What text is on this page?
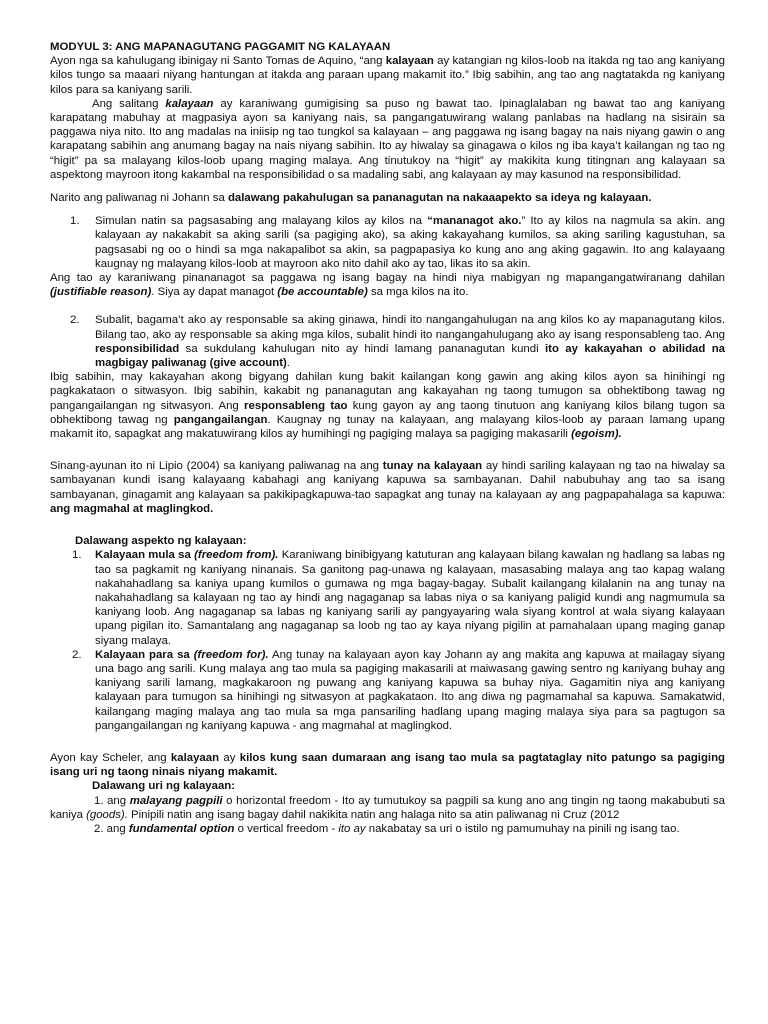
MODYUL 3: ANG MAPANAGUTANG PAGGAMIT NG KALAYAAN

Ayon nga sa kahulugang ibinigay ni Santo Tomas de Aquino, “ang kalayaan ay katangian ng kilos-loob na itakda ng tao ang kaniyang kilos tungo sa maaari niyang hantungan at itakda ang paraan upang makamit ito.” Ibig sabihin, ang tao ang nagtatakda ng kaniyang kilos para sa kaniyang sarili.

Ang salitang kalayaan ay karaniwang gumigising sa puso ng bawat tao. Ipinaglalaban ng bawat tao ang kaniyang karapatang mabuhay at magpasiya ayon sa kaniyang nais, sa pangangatuwirang walang panlabas na hadlang na sisirain sa paggawa niya nito. Ito ang madalas na iniisip ng tao tungkol sa kalayaan – ang paggawa ng isang bagay na nais niyang gawin o ang karapatang sabihin ang anumang bagay na nais niyang sabihin. Ito ay hiwalay sa ginagawa o kilos ng iba kaya’t kailangan ng tao ng “higit” pa sa malayang kilos-loob upang maging malaya. Ang tinutukoy na “higit” ay makikita kung titingnan ang kalayaan sa aspektong mayroon itong kakambal na responsibilidad o sa madaling sabi, ang kalayaan ay may kasunod na responsibilidad.

Narito ang paliwanag ni Johann sa dalawang pakahulugan sa pananagutan na nakaaapekto sa ideya ng kalayaan.

1. Simulan natin sa pagsasabing ang malayang kilos ay kilos na “mananagot ako.” Ito ay kilos na nagmula sa akin. ang kalayaan ay nakakabit sa aking sarili (sa pagiging ako), sa aking kakayahang kumilos, sa aking sariling kagustuhan, sa pagsasabi ng oo o hindi sa mga nakapalibot sa akin, sa pagpapasiya ko kung ano ang aking gagawin. Ito ang kalayaang kaugnay ng malayang kilos-loob at mayroon ako nito dahil ako ay tao, likas ito sa akin.

Ang tao ay karaniwang pinananagot sa paggawa ng isang bagay na hindi niya mabigyan ng mapangangatwiranang dahilan (justifiable reason). Siya ay dapat managot (be accountable) sa mga kilos na ito.

2. Subalit, bagama’t ako ay responsable sa aking ginawa, hindi ito nangangahulugan na ang kilos ko ay mapanagutang kilos. Bilang tao, ako ay responsable sa aking mga kilos, subalit hindi ito nangangahulugang ako ay isang responsableng tao. Ang responsibilidad sa sukdulang kahulugan nito ay hindi lamang pananagutan kundi ito ay kakayahan o abilidad na magbigay paliwanag (give account).

Ibig sabihin, may kakayahan akong bigyang dahilan kung bakit kailangan kong gawin ang aking kilos ayon sa hinihingi ng pagkakataon o sitwasyon. Ibig sabihin, kakabit ng pananagutan ang kakayahan ng taong tumugon sa obhektibong tawag ng pangangailangan ng sitwasyon. Ang responsableng tao kung gayon ay ang taong tinutuon ang kaniyang kilos bilang tugon sa obhektibong tawag ng pangangailangan. Kaugnay ng tunay na kalayaan, ang malayang kilos-loob ay paraan lamang upang makamit ito, sapagkat ang makatuwirang kilos ay humihingi ng pagiging malaya sa pagiging makasarili (egoism).

Sinang-ayunan ito ni Lipio (2004) sa kaniyang paliwanag na ang tunay na kalayaan ay hindi sariling kalayaan ng tao na hiwalay sa sambayanan kundi isang kalayaang kabahagi ang kaniyang kapuwa sa sambayanan. Dahil nabubuhay ang tao sa isang sambayanan, ginagamit ang kalayaan sa pakikipagkapuwa-tao sapagkat ang tunay na kalayaan ay ang pagpapahalaga sa kapuwa: ang magmahal at maglingkod.

Dalawang aspekto ng kalayaan:

1. Kalayaan mula sa (freedom from). Karaniwang binibigyang katuturan ang kalayaan bilang kawalan ng hadlang sa labas ng tao sa pagkamit ng kaniyang ninanais. Sa ganitong pag-unawa ng kalayaan, masasabing malaya ang tao kapag walang nakahahadlang sa kaniya upang kumilos o gumawa ng mga bagay-bagay. Subalit kailangang kilalanin na ang tunay na nakahahadlang sa kalayaan ng tao ay hindi ang nagaganap sa labas niya o sa kaniyang paligid kundi ang nagmumula sa kaniyang loob. Ang nagaganap sa labas ng kaniyang sarili ay pangyayaring wala siyang kontrol at wala siyang kalayaan upang pigilan ito. Samantalang ang nagaganap sa loob ng tao ay kaya niyang pigilin at pamahalaan upang maging ganap siyang malaya.
2. Kalayaan para sa (freedom for). Ang tunay na kalayaan ayon kay Johann ay ang makita ang kapuwa at mailagay siyang una bago ang sarili. Kung malaya ang tao mula sa pagiging makasarili at maiwasang gawing sentro ng kaniyang buhay ang kaniyang sarili lamang, magkakaroon ng puwang ang kaniyang kapuwa sa buhay niya. Gagamitin niya ang kaniyang kalayaan para tumugon sa hinihingi ng sitwasyon at pagkakataon. Ito ang diwa ng pagmamahal sa kapuwa. Samakatwid, kailangang maging malaya ang tao mula sa mga pansariling hadlang upang maging malaya siya para sa pagtugon sa pangangailangan ng kaniyang kapuwa - ang magmahal at maglingkod.

Ayon kay Scheler, ang kalayaan ay kilos kung saan dumaraan ang isang tao mula sa pagtataglay nito patungo sa pagiging isang uri ng taong ninais niyang makamit.

Dalawang uri ng kalayaan:

1. ang malayang pagpili o horizontal freedom - Ito ay tumutukoy sa pagpili sa kung ano ang tingin ng taong makabubuti sa kaniya (goods). Pinipili natin ang isang bagay dahil nakikita natin ang halaga nito sa atin paliwanag ni Cruz (2012

2. ang fundamental option o vertical freedom - ito ay nakabatay sa uri o istilo ng pamumuhay na pinili ng isang tao.
